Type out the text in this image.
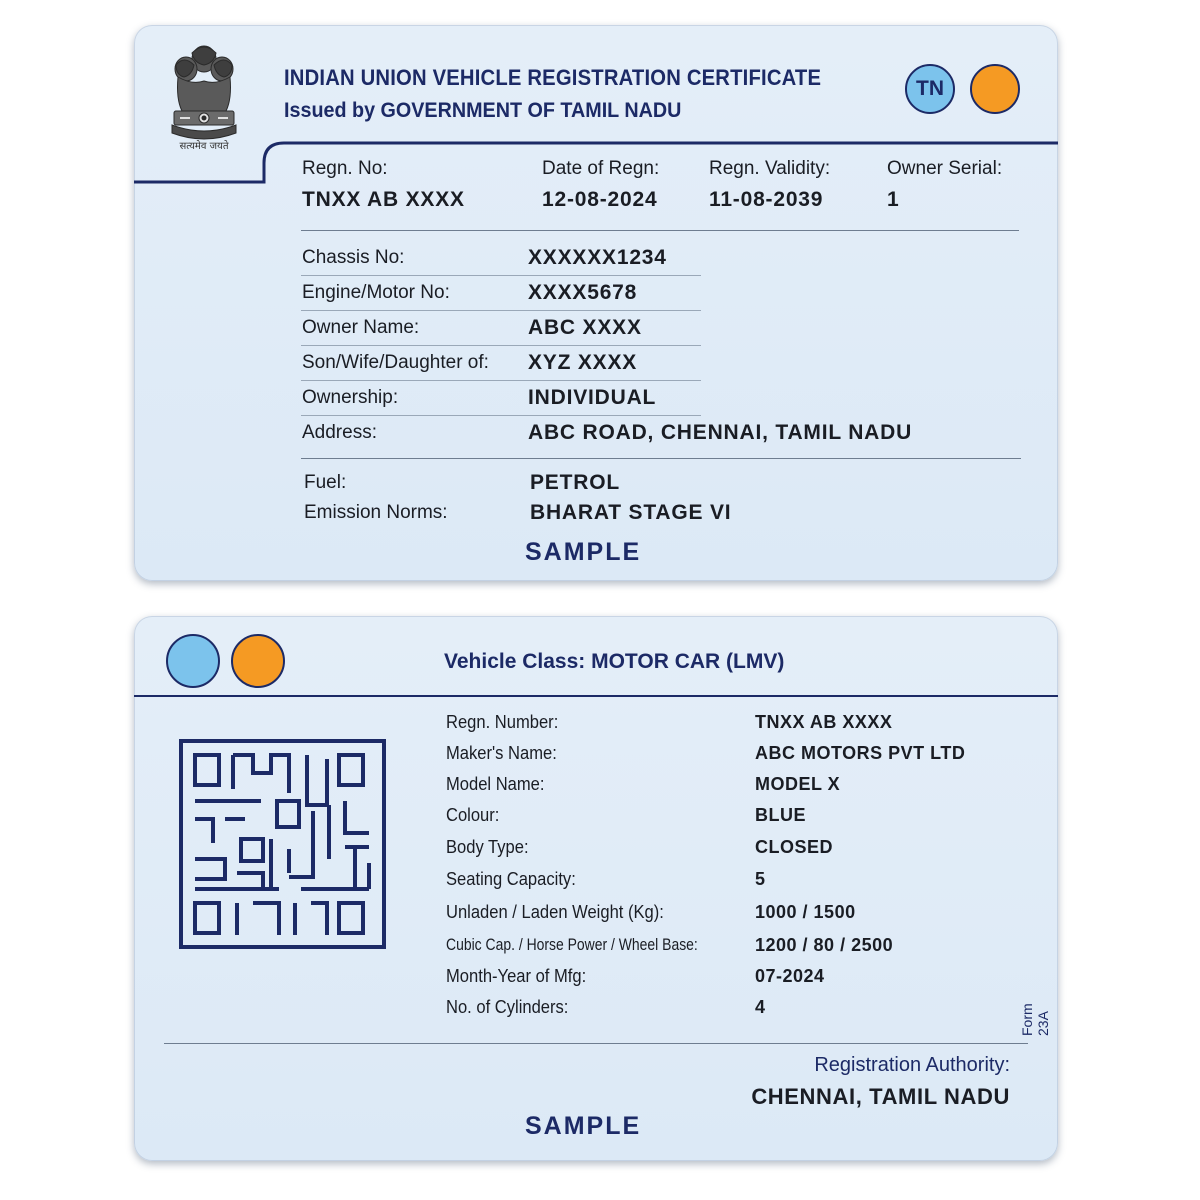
सत्यमेव जयते
INDIAN UNION VEHICLE REGISTRATION CERTIFICATE
Issued by GOVERNMENT OF TAMIL NADU
TN
Regn. No:
TNXX AB XXXX
Date of Regn:
12-08-2024
Regn. Validity:
11-08-2039
Owner Serial:
1
Chassis No:	XXXXXX1234
Engine/Motor No:	XXXX5678
Owner Name:	ABC XXXX
Son/Wife/Daughter of: XYZ XXXX
Ownership:	INDIVIDUAL
Address:	ABC ROAD, CHENNAI, TAMIL NADU
Fuel:	PETROL
Emission Norms:	BHARAT STAGE VI
SAMPLE
Vehicle Class: MOTOR CAR (LMV)
Regn. Number:	TNXX AB XXXX
Maker's Name:	ABC MOTORS PVT LTD
Model Name:	MODEL X
Colour:	BLUE
Body Type:	CLOSED
Seating Capacity:	5
Unladen / Laden Weight (Kg):	1000 / 1500
Cubic Cap. / Horse Power / Wheel Base:	1200 / 80 / 2500
Month-Year of Mfg:	07-2024
No. of Cylinders:	4	Form 23A
Registration Authority:
CHENNAI, TAMIL NADU
SAMPLE
